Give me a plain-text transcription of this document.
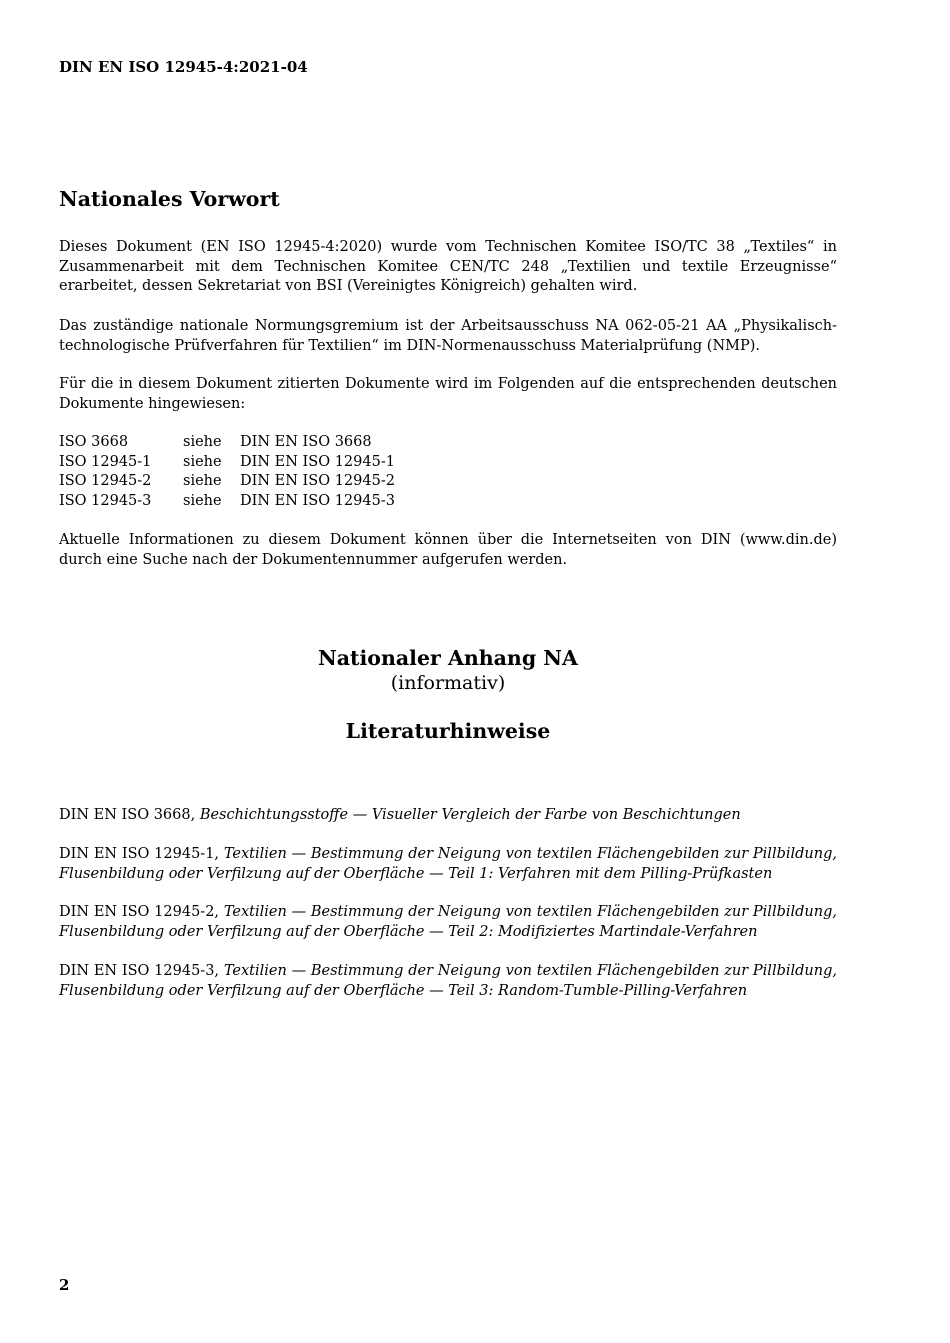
DIN EN ISO 12945-4:2021-04

Nationales Vorwort

Dieses Dokument (EN ISO 12945-4:2020) wurde vom Technischen Komitee ISO/TC 38 „Textiles“ in Zusammenarbeit mit dem Technischen Komitee CEN/TC 248 „Textilien und textile Erzeugnisse“ erarbeitet, dessen Sekretariat von BSI (Vereinigtes Königreich) gehalten wird.

Das zuständige nationale Normungsgremium ist der Arbeitsausschuss NA 062-05-21 AA „Physikalisch-technologische Prüfverfahren für Textilien“ im DIN-Normenausschuss Materialprüfung (NMP).

Für die in diesem Dokument zitierten Dokumente wird im Folgenden auf die entsprechenden deutschen Dokumente hingewiesen:

ISO 3668	siehe	DIN EN ISO 3668
ISO 12945-1	siehe	DIN EN ISO 12945-1
ISO 12945-2	siehe	DIN EN ISO 12945-2
ISO 12945-3	siehe	DIN EN ISO 12945-3

Aktuelle Informationen zu diesem Dokument können über die Internetseiten von DIN (www.din.de) durch eine Suche nach der Dokumentennummer aufgerufen werden.

Nationaler Anhang NA

(informativ)

Literaturhinweise

DIN EN ISO 3668, Beschichtungsstoffe — Visueller Vergleich der Farbe von Beschichtungen

DIN EN ISO 12945-1, Textilien — Bestimmung der Neigung von textilen Flächengebilden zur Pillbildung, Flusenbildung oder Verfilzung auf der Oberfläche — Teil 1: Verfahren mit dem Pilling-Prüfkasten

DIN EN ISO 12945-2, Textilien — Bestimmung der Neigung von textilen Flächengebilden zur Pillbildung, Flusenbildung oder Verfilzung auf der Oberfläche — Teil 2: Modifiziertes Martindale-Verfahren

DIN EN ISO 12945-3, Textilien — Bestimmung der Neigung von textilen Flächengebilden zur Pillbildung, Flusenbildung oder Verfilzung auf der Oberfläche — Teil 3: Random-Tumble-Pilling-Verfahren

2
